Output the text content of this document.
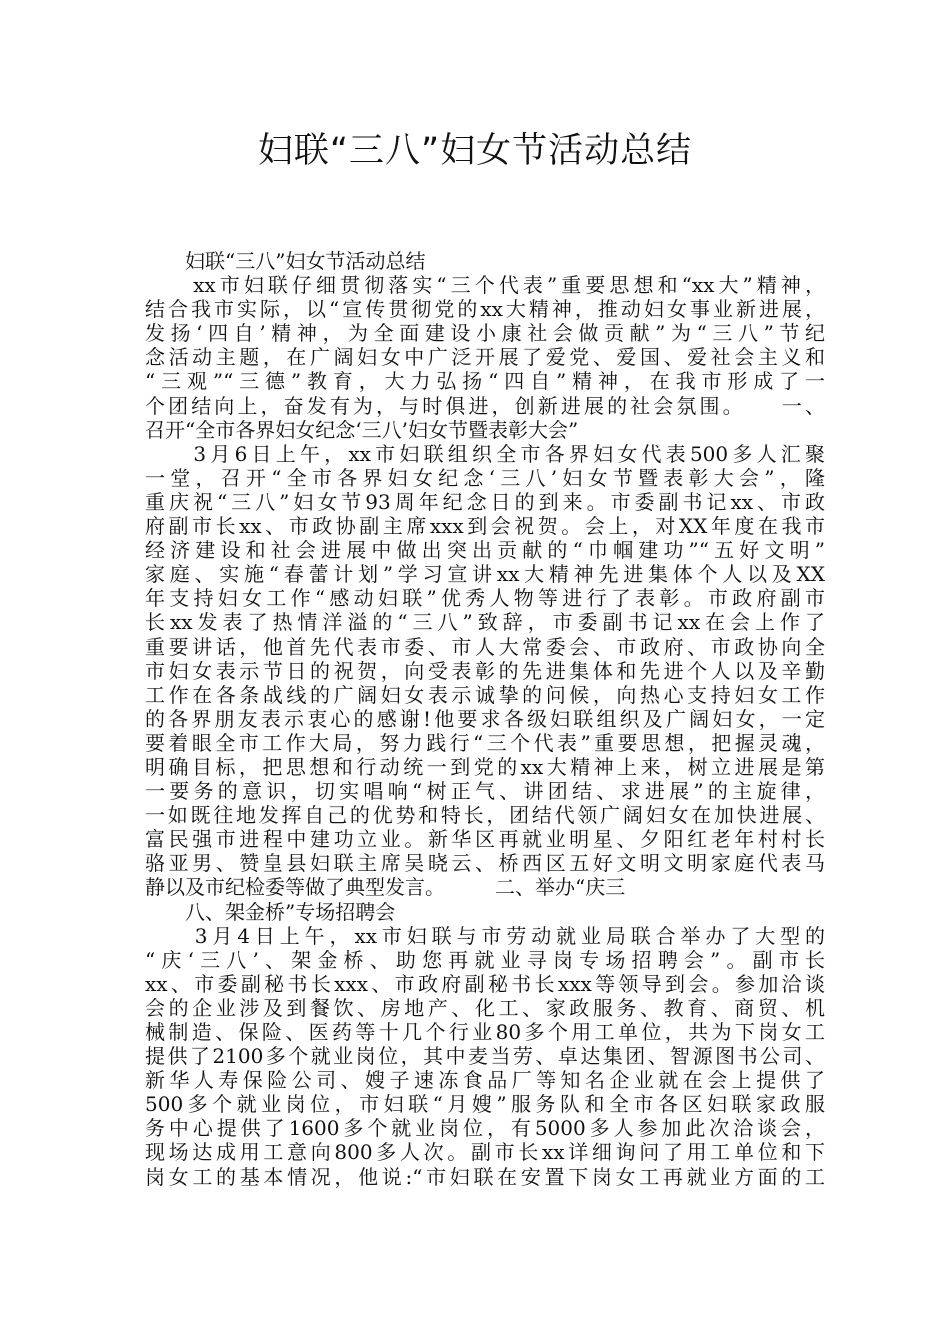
妇联“三八”妇女节活动总结
　　妇联“三八”妇女节活动总结
　　xx市妇联仔细贯彻落实“三个代表”重要思想和“xx大”精神，
结合我市实际，以“宣传贯彻党的xx大精神，推动妇女事业新进展，
发扬‘四自’精神，为全面建设小康社会做贡献”为“三八”节纪
念活动主题，在广阔妇女中广泛开展了爱党、爱国、爱社会主义和
“三观”“三德”教育，大力弘扬“四自”精神，在我市形成了一
个团结向上，奋发有为，与时俱进，创新进展的社会氛围。　　一、
召开“全市各界妇女纪念‘三八’妇女节暨表彰大会”
　　3月6日上午，xx市妇联组织全市各界妇女代表500多人汇聚
一堂，召开“全市各界妇女纪念‘三八’妇女节暨表彰大会”，隆
重庆祝“三八”妇女节93周年纪念日的到来。市委副书记xx、市政
府副市长xx、市政协副主席xxx到会祝贺。会上，对XX年度在我市
经济建设和社会进展中做出突出贡献的“巾帼建功”“五好文明”
家庭、实施“春蕾计划”学习宣讲xx大精神先进集体个人以及XX
年支持妇女工作“感动妇联”优秀人物等进行了表彰。市政府副市
长xx发表了热情洋溢的“三八”致辞，市委副书记xx在会上作了
重要讲话，他首先代表市委、市人大常委会、市政府、市政协向全
市妇女表示节日的祝贺，向受表彰的先进集体和先进个人以及辛勤
工作在各条战线的广阔妇女表示诚挚的问候，向热心支持妇女工作
的各界朋友表示衷心的感谢!他要求各级妇联组织及广阔妇女，一定
要着眼全市工作大局，努力践行“三个代表”重要思想，把握灵魂，
明确目标，把思想和行动统一到党的xx大精神上来，树立进展是第
一要务的意识，切实唱响“树正气、讲团结、求进展”的主旋律，
一如既往地发挥自己的优势和特长，团结代领广阔妇女在加快进展、
富民强市进程中建功立业。新华区再就业明星、夕阳红老年村村长
骆亚男、赞皇县妇联主席吴晓云、桥西区五好文明文明家庭代表马
静以及市纪检委等做了典型发言。　　　二、举办“庆三
　　八、架金桥”专场招聘会
　　3月4日上午，xx市妇联与市劳动就业局联合举办了大型的
“庆‘三八’、架金桥、助您再就业寻岗专场招聘会”。副市长
xx、市委副秘书长xxx、市政府副秘书长xxx等领导到会。参加洽谈
会的企业涉及到餐饮、房地产、化工、家政服务、教育、商贸、机
械制造、保险、医药等十几个行业80多个用工单位，共为下岗女工
提供了2100多个就业岗位，其中麦当劳、卓达集团、智源图书公司、
新华人寿保险公司、嫂子速冻食品厂等知名企业就在会上提供了
500多个就业岗位，市妇联“月嫂”服务队和全市各区妇联家政服
务中心提供了1600多个就业岗位，有5000多人参加此次洽谈会，
现场达成用工意向800多人次。副市长xx详细询问了用工单位和下
岗女工的基本情况，他说:“市妇联在安置下岗女工再就业方面的工
